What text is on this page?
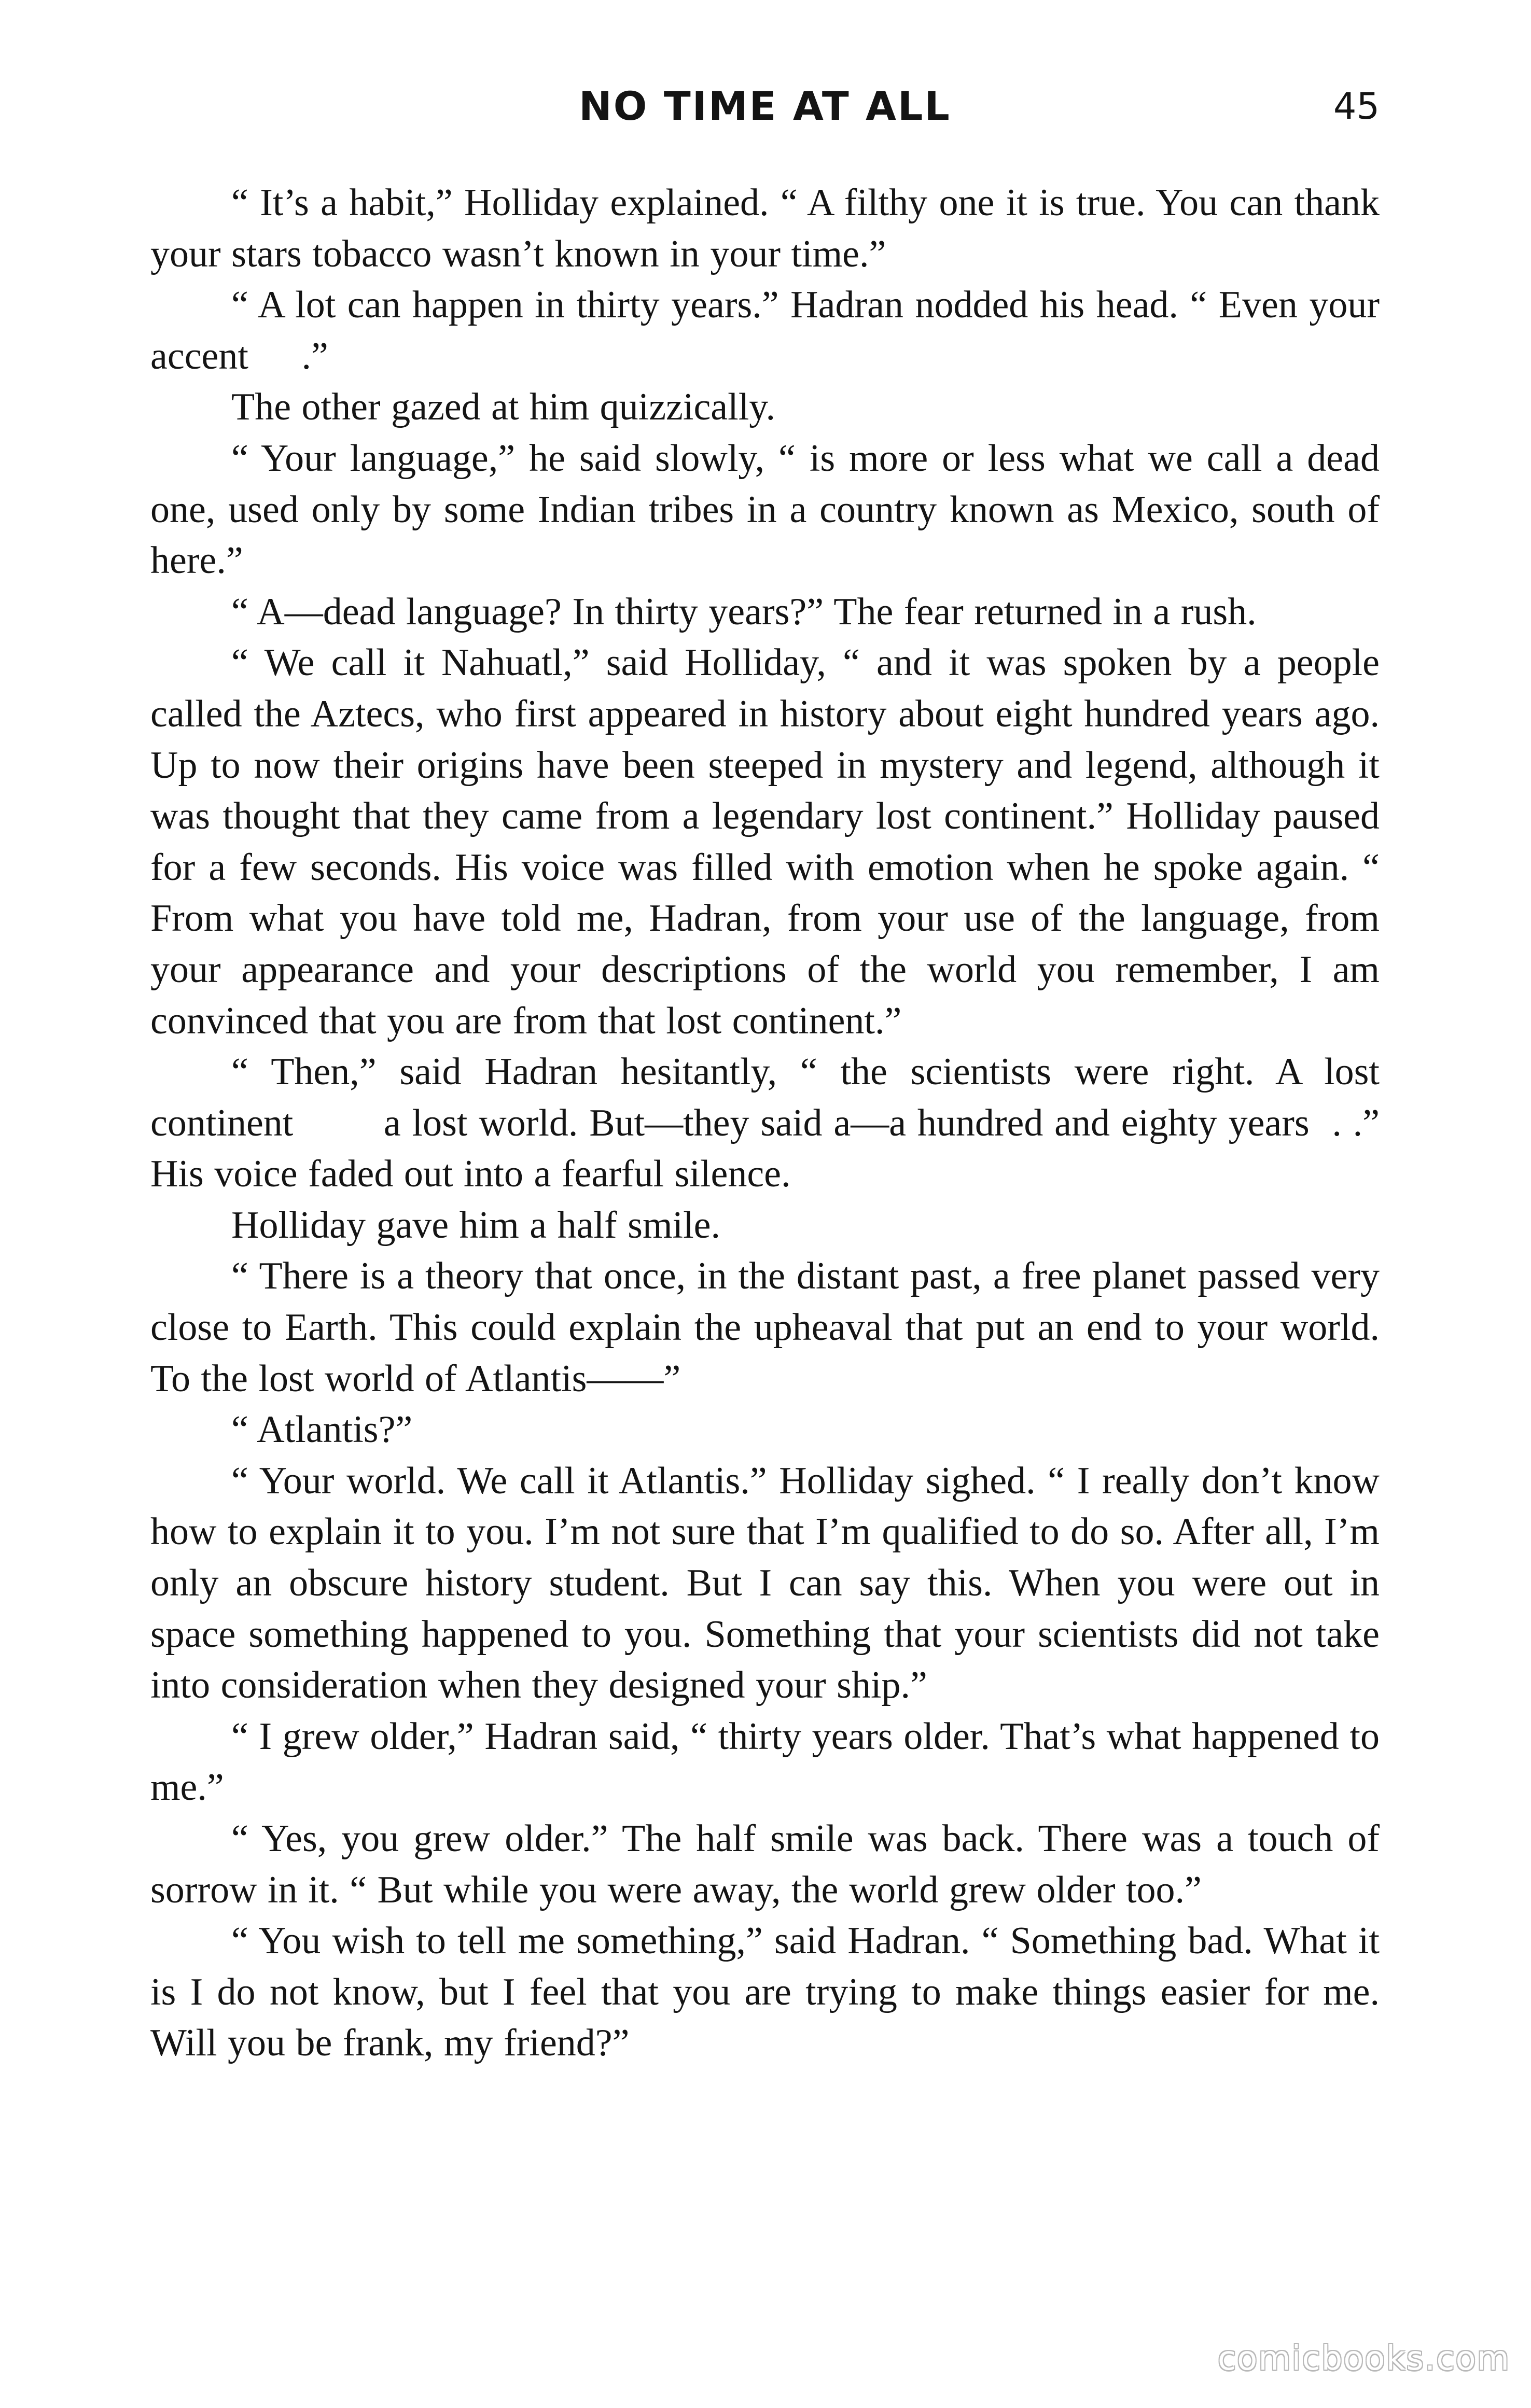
NO TIME AT ALL	45

“ It’s a habit,” Holliday explained. “ A filthy one it is true. You can thank your stars tobacco wasn’t known in your time.”

“ A lot can happen in thirty years.” Hadran nodded his head. “ Even your accent     .”

The other gazed at him quizzically.

“ Your language,” he said slowly, “ is more or less what we call a dead one, used only by some Indian tribes in a country known as Mexico, south of here.”

“ A—dead language? In thirty years?” The fear returned in a rush.

“ We call it Nahuatl,” said Holliday, “ and it was spoken by a people called the Aztecs, who first appeared in history about eight hundred years ago. Up to now their origins have been steeped in mystery and legend, although it was thought that they came from a legendary lost continent.” Holliday paused for a few seconds. His voice was filled with emotion when he spoke again. “ From what you have told me, Hadran, from your use of the language, from your appearance and your descriptions of the world you remember, I am convinced that you are from that lost continent.”

“ Then,” said Hadran hesitantly, “ the scientists were right. A lost continent        a lost world. But—they said a—a hundred and eighty years  . .” His voice faded out into a fearful silence.

Holliday gave him a half smile.

“ There is a theory that once, in the distant past, a free planet passed very close to Earth. This could explain the upheaval that put an end to your world. To the lost world of Atlantis——”

“ Atlantis?”

“ Your world. We call it Atlantis.” Holliday sighed. “ I really don’t know how to explain it to you. I’m not sure that I’m qualified to do so. After all, I’m only an obscure history student. But I can say this. When you were out in space something happened to you. Something that your scientists did not take into consideration when they designed your ship.”

“ I grew older,” Hadran said, “ thirty years older. That’s what happened to me.”

“ Yes, you grew older.” The half smile was back. There was a touch of sorrow in it. “ But while you were away, the world grew older too.”

“ You wish to tell me something,” said Hadran. “ Something bad. What it is I do not know, but I feel that you are trying to make things easier for me. Will you be frank, my friend?”

comicbooks.com
